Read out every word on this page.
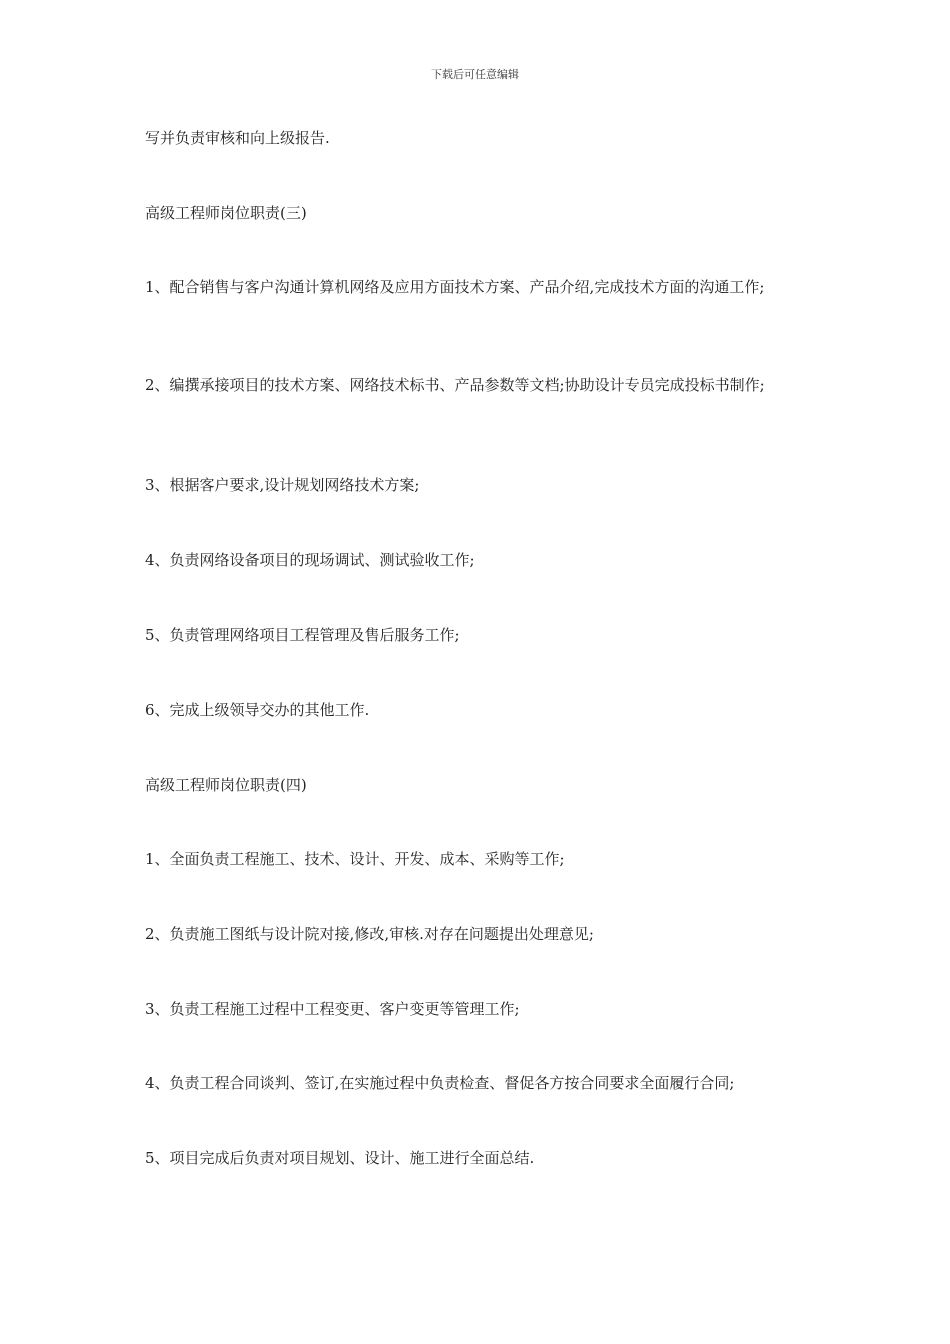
下载后可任意编辑
写并负责审核和向上级报告.
高级工程师岗位职责(三)
1、配合销售与客户沟通计算机网络及应用方面技术方案、产品介绍,完成技术方面的沟通工作;
2、编撰承接项目的技术方案、网络技术标书、产品参数等文档;协助设计专员完成投标书制作;
3、根据客户要求,设计规划网络技术方案;
4、负责网络设备项目的现场调试、测试验收工作;
5、负责管理网络项目工程管理及售后服务工作;
6、完成上级领导交办的其他工作.
高级工程师岗位职责(四)
1、全面负责工程施工、技术、设计、开发、成本、采购等工作;
2、负责施工图纸与设计院对接,修改,审核.对存在问题提出处理意见;
3、负责工程施工过程中工程变更、客户变更等管理工作;
4、负责工程合同谈判、签订,在实施过程中负责检查、督促各方按合同要求全面履行合同;
5、项目完成后负责对项目规划、设计、施工进行全面总结.
